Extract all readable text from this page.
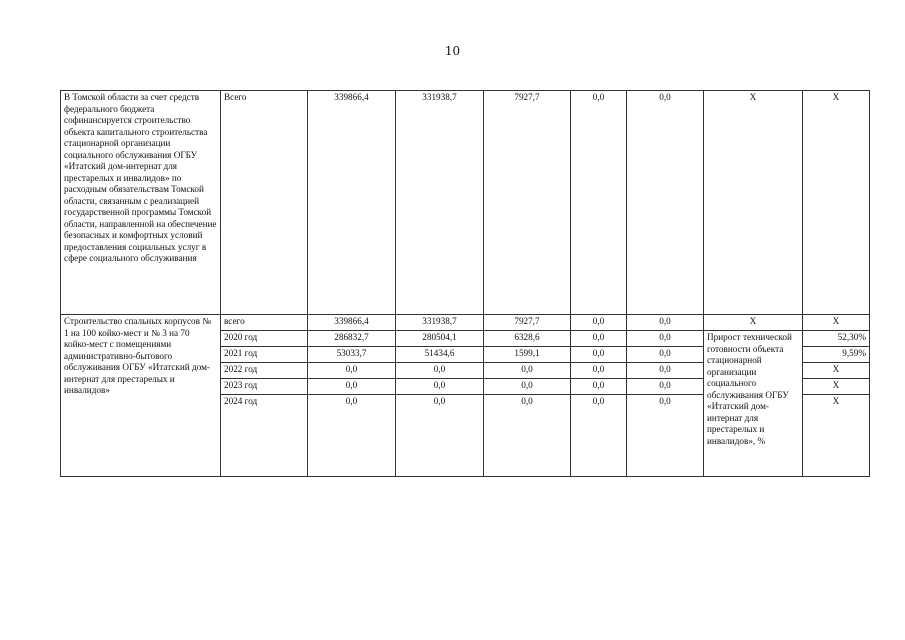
10
В Томской области за счет средств федерального бюджета софинансируется строительство объекта капитального строительства стационарной организации социального обслуживания ОГБУ «Итатский дом-интернат для престарелых и инвалидов» по расходным обязательствам Томской области, связанным с реализацией государственной программы Томской области, направленной на обеспечение безопасных и комфортных условий предоставления социальных услуг в сфере социального обслуживания	Всего	339866,4	331938,7	7927,7	0,0	0,0	X	X
Строительство спальных корпусов № 1 на 100 койко-мест и № 3 на 70 койко-мест с помещениями административно-бытового обслуживания ОГБУ «Итатский дом-интернат для престарелых и инвалидов»	всего	339866,4	331938,7	7927,7	0,0	0,0	X	X
	2020 год	286832,7	280504,1	6328,6	0,0	0,0	Прирост технической готовности объекта стационарной организации социального обслуживания ОГБУ «Итатский дом-интернат для престарелых и инвалидов», %	52,30%
	2021 год	53033,7	51434,6	1599,1	0,0	0,0		9,59%
	2022 год	0,0	0,0	0,0	0,0	0,0		X
	2023 год	0,0	0,0	0,0	0,0	0,0		X
	2024 год	0,0	0,0	0,0	0,0	0,0		X
